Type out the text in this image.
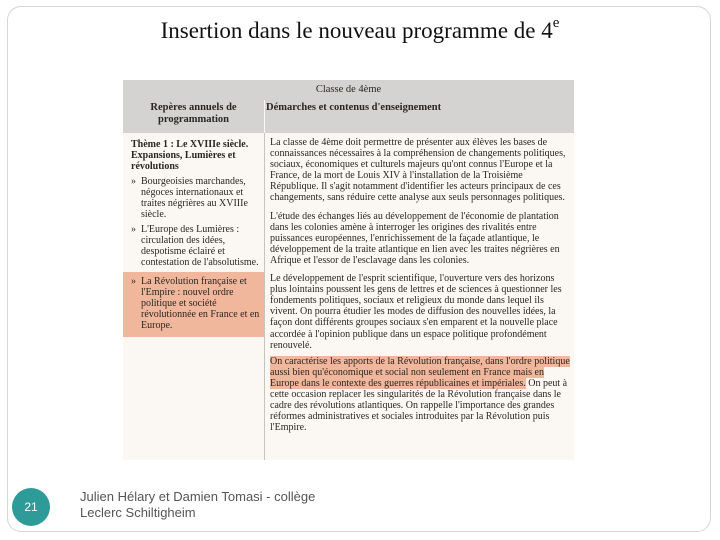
Insertion dans le nouveau programme de 4e
Classe de 4ème
Repères annuels de programmation
Démarches et contenus d'enseignement
Thème 1 : Le XVIIIe siècle. Expansions, Lumières et révolutions
» Bourgeoisies marchandes, négoces internationaux et traites négrières au XVIIIe siècle.
» L'Europe des Lumières : circulation des idées, despotisme éclairé et contestation de l'absolutisme.
» La Révolution française et l'Empire : nouvel ordre politique et société révolutionnée en France et en Europe.
La classe de 4ème doit permettre de présenter aux élèves les bases de connaissances nécessaires à la compréhension de changements politiques, sociaux, économiques et culturels majeurs qu'ont connus l'Europe et la France, de la mort de Louis XIV à l'installation de la Troisième République. Il s'agit notamment d'identifier les acteurs principaux de ces changements, sans réduire cette analyse aux seuls personnages politiques.
L'étude des échanges liés au développement de l'économie de plantation dans les colonies amène à interroger les origines des rivalités entre puissances européennes, l'enrichissement de la façade atlantique, le développement de la traite atlantique en lien avec les traites négrières en Afrique et l'essor de l'esclavage dans les colonies.
Le développement de l'esprit scientifique, l'ouverture vers des horizons plus lointains poussent les gens de lettres et de sciences à questionner les fondements politiques, sociaux et religieux du monde dans lequel ils vivent. On pourra étudier les modes de diffusion des nouvelles idées, la façon dont différents groupes sociaux s'en emparent et la nouvelle place accordée à l'opinion publique dans un espace politique profondément renouvelé.
On caractérise les apports de la Révolution française, dans l'ordre politique aussi bien qu'économique et social non seulement en France mais en Europe dans le contexte des guerres républicaines et impériales. On peut à cette occasion replacer les singularités de la Révolution française dans le cadre des révolutions atlantiques. On rappelle l'importance des grandes réformes administratives et sociales introduites par la Révolution puis l'Empire.
21
Julien Hélary et Damien Tomasi - collège
Leclerc Schiltigheim
